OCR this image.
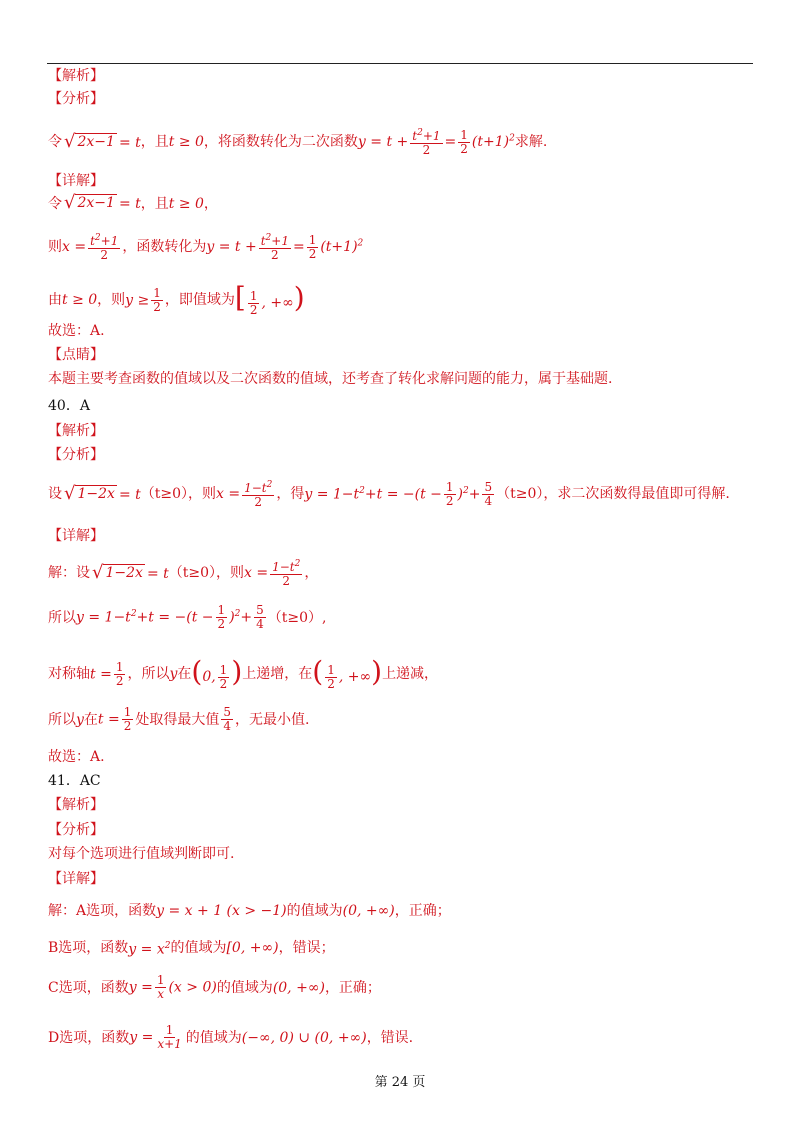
【解析】
【分析】
令 √ 2x−1 = t ，且 t ≥ 0 ，将函数转化为二次函数 $y = t + \frac{t^2+1}{2} = \frac{1}{2} (t+1)^2$ 求解.
【详解】
令 √ 2x−1 = t ，且 t ≥ 0 ，
则 $x = \frac{t^2+1}{2}$ ，函数转化为 $y = t + \frac{t^2+1}{2} = \frac{1}{2} (t+1)^2$
由 t ≥ 0 ，则 $y \ge \frac{1}{2}$ ，即值域为 [ $\frac{1}{2}$ , +∞)
故选：A.
【点睛】
本题主要考查函数的值域以及二次函数的值域，还考查了转化求解问题的能力，属于基础题.
40．A
【解析】
【分析】
设 √ 1−2x = t （t≥0），则 $x = \frac{1-t^2}{2}$ ，得 $y = 1-t^2+t = -(t - \frac{1}{2} )^2+ \frac{5}{4} (t\ge 0)$，求二次函数得最值即可得解.
【详解】
解：设 √ 1−2x = t （t≥0），则 $x = \frac{1-t^2}{2}$ ，
所以 $y = 1-t^2+t = -(t - \frac{1}{2} )^2+ \frac{5}{4} (t\ge 0)$,
对称轴 $t = \frac{1}{2}$ ，所以 y 在 (0, $\frac{1}{2}$ ) 上递增，在 ( $\frac{1}{2}$ , +∞) 上递减，
所以 y 在 $t = \frac{1}{2}$ 处取得最大值 $\frac{5}{4}$ ，无最小值.
故选：A.
41．AC
【解析】
【分析】
对每个选项进行值域判断即可.
【详解】
解：A选项，函数 y = x + 1 (x > −1) 的值域为 (0, +∞) ，正确；
B选项，函数 $y = x^2$ 的值域为 [0, +∞) ，错误；
C选项，函数 $y = \frac{1}{x} (x > 0)$ 的值域为 (0, +∞) ，正确；
D选项，函数 $y = \frac{1}{x+1}$ 的值域为 (−∞, 0) ∪ (0, +∞) ，错误.
第 24 页
